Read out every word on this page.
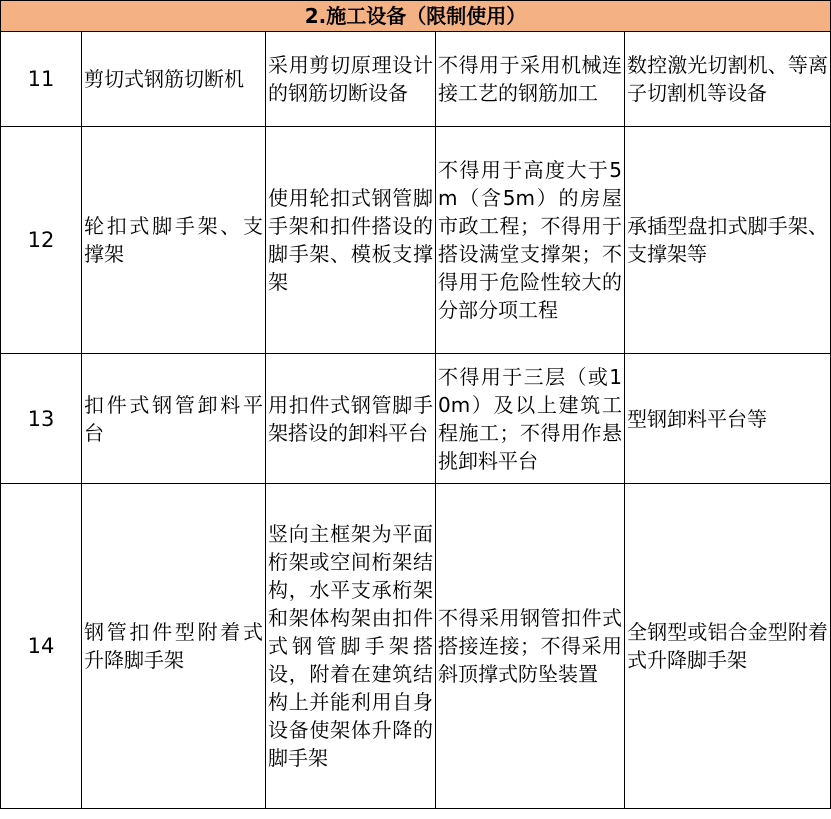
2.施工设备（限制使用）				
11	剪切式钢筋切断机	采用剪切原理设计的钢筋切断设备	不得用于采用机械连接工艺的钢筋加工	数控激光切割机、等离子切割机等设备
12	轮扣式脚手架、支撑架	使用轮扣式钢管脚手架和扣件搭设的脚手架、模板支撑架	不得用于高度大于5m（含5m）的房屋市政工程；不得用于搭设满堂支撑架；不得用于危险性较大的分部分项工程	承插型盘扣式脚手架、支撑架等
13	扣件式钢管卸料平台	用扣件式钢管脚手架搭设的卸料平台	不得用于三层（或10m）及以上建筑工程施工；不得用作悬挑卸料平台	型钢卸料平台等
14	钢管扣件型附着式升降脚手架	竖向主框架为平面桁架或空间桁架结构，水平支承桁架和架体构架由扣件式钢管脚手架搭设，附着在建筑结构上并能利用自身设备使架体升降的脚手架	不得采用钢管扣件式搭接连接；不得采用斜顶撑式防坠装置	全钢型或铝合金型附着式升降脚手架
